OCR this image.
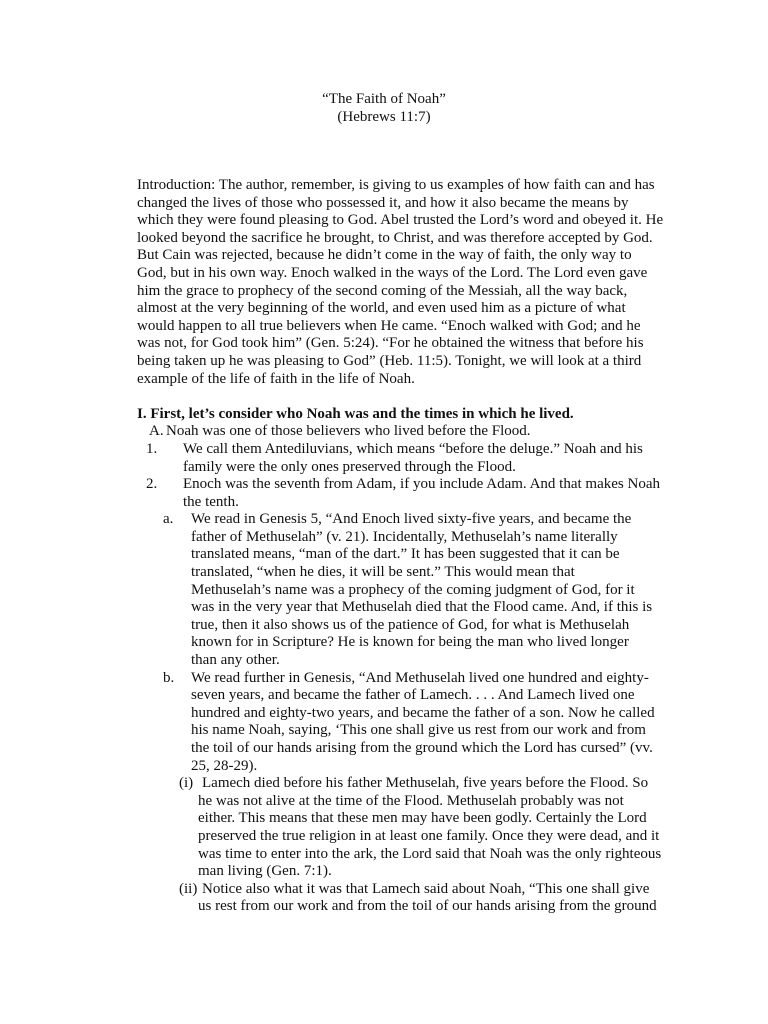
“The Faith of Noah”
(Hebrews 11:7)

Introduction: The author, remember, is giving to us examples of how faith can and has changed the lives of those who possessed it, and how it also became the means by which they were found pleasing to God. Abel trusted the Lord’s word and obeyed it. He looked beyond the sacrifice he brought, to Christ, and was therefore accepted by God. But Cain was rejected, because he didn’t come in the way of faith, the only way to God, but in his own way. Enoch walked in the ways of the Lord. The Lord even gave him the grace to prophecy of the second coming of the Messiah, all the way back, almost at the very beginning of the world, and even used him as a picture of what would happen to all true believers when He came. “Enoch walked with God; and he was not, for God took him” (Gen. 5:24). “For he obtained the witness that before his being taken up he was pleasing to God” (Heb. 11:5). Tonight, we will look at a third example of the life of faith in the life of Noah.

I. First, let’s consider who Noah was and the times in which he lived.

A. Noah was one of those believers who lived before the Flood.
1.	We call them Antediluvians, which means “before the deluge.” Noah and his family were the only ones preserved through the Flood.
2.	Enoch was the seventh from Adam, if you include Adam. And that makes Noah the tenth.
a.	We read in Genesis 5, “And Enoch lived sixty-five years, and became the father of Methuselah” (v. 21). Incidentally, Methuselah’s name literally translated means, “man of the dart.” It has been suggested that it can be translated, “when he dies, it will be sent.” This would mean that Methuselah’s name was a prophecy of the coming judgment of God, for it was in the very year that Methuselah died that the Flood came. And, if this is true, then it also shows us of the patience of God, for what is Methuselah known for in Scripture? He is known for being the man who lived longer than any other.
b.	We read further in Genesis, “And Methuselah lived one hundred and eighty-seven years, and became the father of Lamech. . . . And Lamech lived one hundred and eighty-two years, and became the father of a son. Now he called his name Noah, saying, ‘This one shall give us rest from our work and from the toil of our hands arising from the ground which the Lord has cursed” (vv. 25, 28-29).
(i) Lamech died before his father Methuselah, five years before the Flood. So he was not alive at the time of the Flood. Methuselah probably was not either. This means that these men may have been godly. Certainly the Lord preserved the true religion in at least one family. Once they were dead, and it was time to enter into the ark, the Lord said that Noah was the only righteous man living (Gen. 7:1).
(ii) Notice also what it was that Lamech said about Noah, “This one shall give us rest from our work and from the toil of our hands arising from the ground
